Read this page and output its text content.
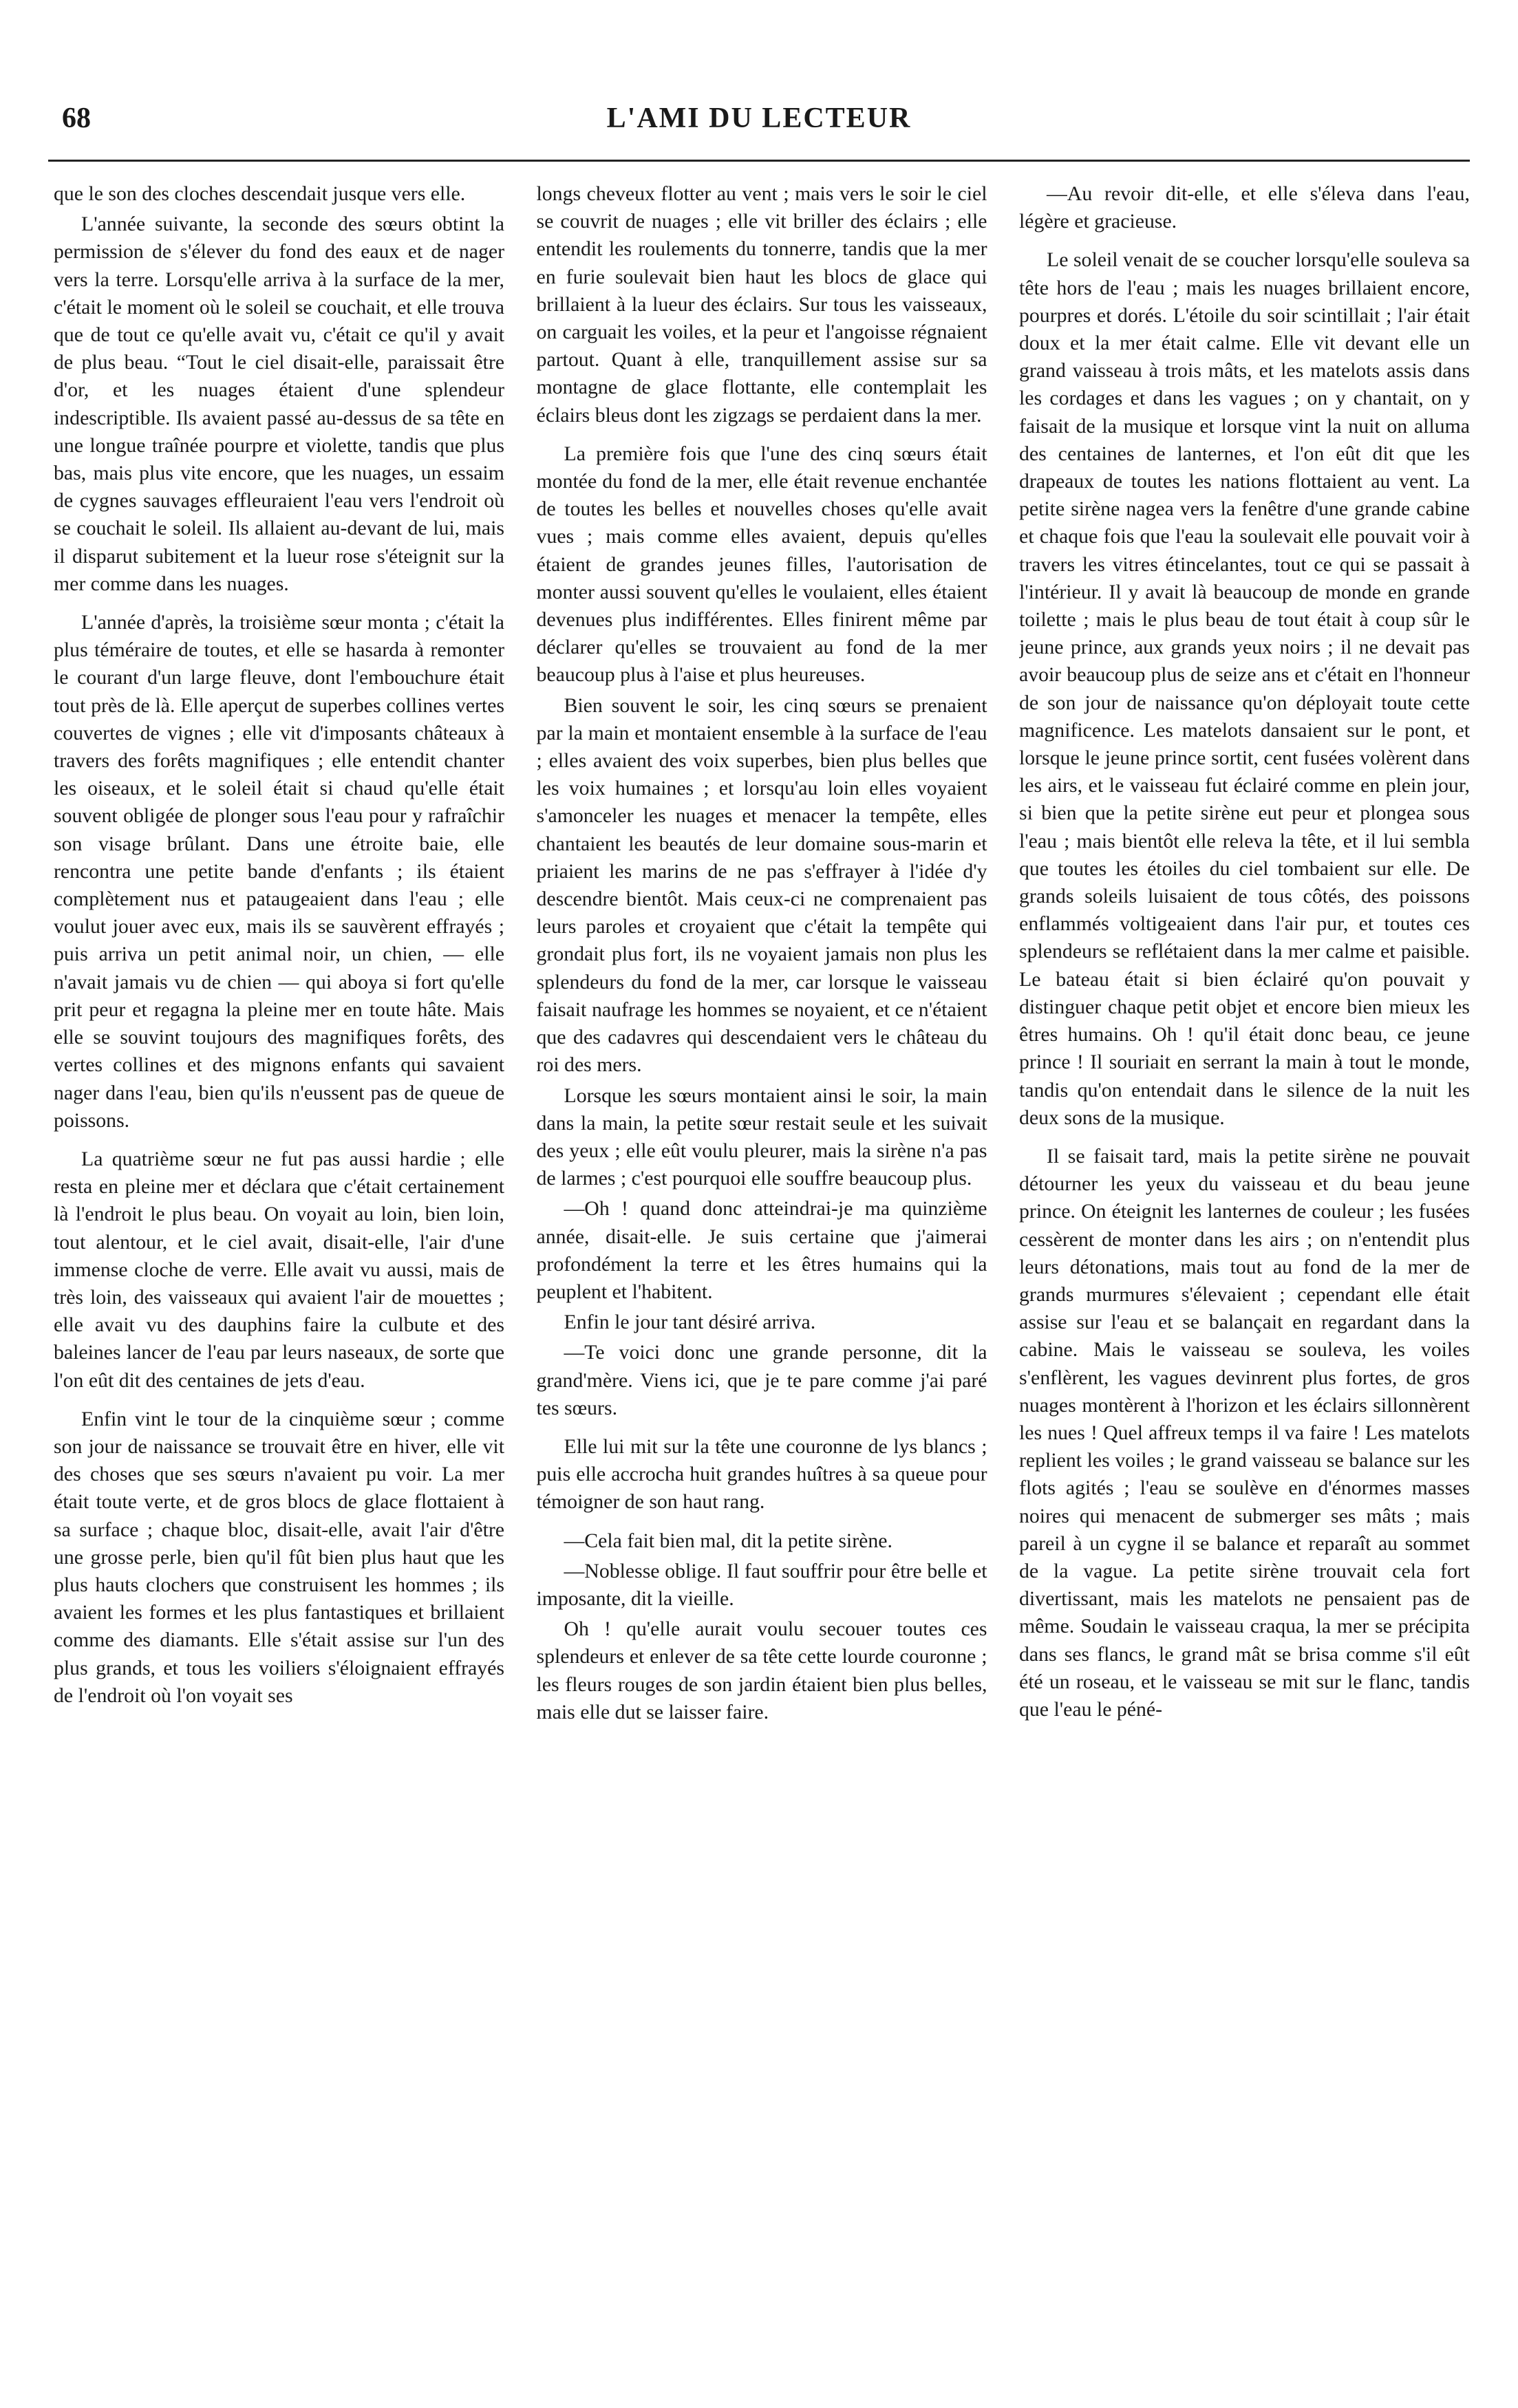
68	L'AMI DU LECTEUR

que le son des cloches descendait jusque vers elle.

L'année suivante, la seconde des sœurs obtint la permission de s'élever du fond des eaux et de nager vers la terre. Lorsqu'elle arriva à la surface de la mer, c'était le moment où le soleil se couchait, et elle trouva que de tout ce qu'elle avait vu, c'était ce qu'il y avait de plus beau. “Tout le ciel disait-elle, paraissait être d'or, et les nuages étaient d'une splendeur indescriptible. Ils avaient passé au-dessus de sa tête en une longue traînée pourpre et violette, tandis que plus bas, mais plus vite encore, que les nuages, un essaim de cygnes sauvages effleuraient l'eau vers l'endroit où se couchait le soleil. Ils allaient au-devant de lui, mais il disparut subitement et la lueur rose s'éteignit sur la mer comme dans les nuages.

L'année d'après, la troisième sœur monta ; c'était la plus téméraire de toutes, et elle se hasarda à remonter le courant d'un large fleuve, dont l'embouchure était tout près de là. Elle aperçut de superbes collines vertes couvertes de vignes ; elle vit d'imposants châteaux à travers des forêts magnifiques ; elle entendit chanter les oiseaux, et le soleil était si chaud qu'elle était souvent obligée de plonger sous l'eau pour y rafraîchir son visage brûlant. Dans une étroite baie, elle rencontra une petite bande d'enfants ; ils étaient complètement nus et pataugeaient dans l'eau ; elle voulut jouer avec eux, mais ils se sauvèrent effrayés ; puis arriva un petit animal noir, un chien, — elle n'avait jamais vu de chien — qui aboya si fort qu'elle prit peur et regagna la pleine mer en toute hâte. Mais elle se souvint toujours des magnifiques forêts, des vertes collines et des mignons enfants qui savaient nager dans l'eau, bien qu'ils n'eussent pas de queue de poissons.

La quatrième sœur ne fut pas aussi hardie ; elle resta en pleine mer et déclara que c'était certainement là l'endroit le plus beau. On voyait au loin, bien loin, tout alentour, et le ciel avait, disait-elle, l'air d'une immense cloche de verre. Elle avait vu aussi, mais de très loin, des vaisseaux qui avaient l'air de mouettes ; elle avait vu des dauphins faire la culbute et des baleines lancer de l'eau par leurs naseaux, de sorte que l'on eût dit des centaines de jets d'eau.

Enfin vint le tour de la cinquième sœur ; comme son jour de naissance se trouvait être en hiver, elle vit des choses que ses sœurs n'avaient pu voir. La mer était toute verte, et de gros blocs de glace flottaient à sa surface ; chaque bloc, disait-elle, avait l'air d'être une grosse perle, bien qu'il fût bien plus haut que les plus hauts clochers que construisent les hommes ; ils avaient les formes et les plus fantastiques et brillaient comme des diamants. Elle s'était assise sur l'un des plus grands, et tous les voiliers s'éloignaient effrayés de l'endroit où l'on voyait ses

longs cheveux flotter au vent ; mais vers le soir le ciel se couvrit de nuages ; elle vit briller des éclairs ; elle entendit les roulements du tonnerre, tandis que la mer en furie soulevait bien haut les blocs de glace qui brillaient à la lueur des éclairs. Sur tous les vaisseaux, on carguait les voiles, et la peur et l'angoisse régnaient partout. Quant à elle, tranquillement assise sur sa montagne de glace flottante, elle contemplait les éclairs bleus dont les zigzags se perdaient dans la mer.

La première fois que l'une des cinq sœurs était montée du fond de la mer, elle était revenue enchantée de toutes les belles et nouvelles choses qu'elle avait vues ; mais comme elles avaient, depuis qu'elles étaient de grandes jeunes filles, l'autorisation de monter aussi souvent qu'elles le voulaient, elles étaient devenues plus indifférentes. Elles finirent même par déclarer qu'elles se trouvaient au fond de la mer beaucoup plus à l'aise et plus heureuses.

Bien souvent le soir, les cinq sœurs se prenaient par la main et montaient ensemble à la surface de l'eau ; elles avaient des voix superbes, bien plus belles que les voix humaines ; et lorsqu'au loin elles voyaient s'amonceler les nuages et menacer la tempête, elles chantaient les beautés de leur domaine sous-marin et priaient les marins de ne pas s'effrayer à l'idée d'y descendre bientôt. Mais ceux-ci ne comprenaient pas leurs paroles et croyaient que c'était la tempête qui grondait plus fort, ils ne voyaient jamais non plus les splendeurs du fond de la mer, car lorsque le vaisseau faisait naufrage les hommes se noyaient, et ce n'étaient que des cadavres qui descendaient vers le château du roi des mers.

Lorsque les sœurs montaient ainsi le soir, la main dans la main, la petite sœur restait seule et les suivait des yeux ; elle eût voulu pleurer, mais la sirène n'a pas de larmes ; c'est pourquoi elle souffre beaucoup plus.

—Oh ! quand donc atteindrai-je ma quinzième année, disait-elle. Je suis certaine que j'aimerai profondément la terre et les êtres humains qui la peuplent et l'habitent.

Enfin le jour tant désiré arriva.

—Te voici donc une grande personne, dit la grand'mère. Viens ici, que je te pare comme j'ai paré tes sœurs.

Elle lui mit sur la tête une couronne de lys blancs ; puis elle accrocha huit grandes huîtres à sa queue pour témoigner de son haut rang.

—Cela fait bien mal, dit la petite sirène.

—Noblesse oblige. Il faut souffrir pour être belle et imposante, dit la vieille.

Oh ! qu'elle aurait voulu secouer toutes ces splendeurs et enlever de sa tête cette lourde couronne ; les fleurs rouges de son jardin étaient bien plus belles, mais elle dut se laisser faire.

—Au revoir dit-elle, et elle s'éleva dans l'eau, légère et gracieuse.

Le soleil venait de se coucher lorsqu'elle souleva sa tête hors de l'eau ; mais les nuages brillaient encore, pourpres et dorés. L'étoile du soir scintillait ; l'air était doux et la mer était calme. Elle vit devant elle un grand vaisseau à trois mâts, et les matelots assis dans les cordages et dans les vagues ; on y chantait, on y faisait de la musique et lorsque vint la nuit on alluma des centaines de lanternes, et l'on eût dit que les drapeaux de toutes les nations flottaient au vent. La petite sirène nagea vers la fenêtre d'une grande cabine et chaque fois que l'eau la soulevait elle pouvait voir à travers les vitres étincelantes, tout ce qui se passait à l'intérieur. Il y avait là beaucoup de monde en grande toilette ; mais le plus beau de tout était à coup sûr le jeune prince, aux grands yeux noirs ; il ne devait pas avoir beaucoup plus de seize ans et c'était en l'honneur de son jour de naissance qu'on déployait toute cette magnificence. Les matelots dansaient sur le pont, et lorsque le jeune prince sortit, cent fusées volèrent dans les airs, et le vaisseau fut éclairé comme en plein jour, si bien que la petite sirène eut peur et plongea sous l'eau ; mais bientôt elle releva la tête, et il lui sembla que toutes les étoiles du ciel tombaient sur elle. De grands soleils luisaient de tous côtés, des poissons enflammés voltigeaient dans l'air pur, et toutes ces splendeurs se reflétaient dans la mer calme et paisible. Le bateau était si bien éclairé qu'on pouvait y distinguer chaque petit objet et encore bien mieux les êtres humains. Oh ! qu'il était donc beau, ce jeune prince ! Il souriait en serrant la main à tout le monde, tandis qu'on entendait dans le silence de la nuit les deux sons de la musique.

Il se faisait tard, mais la petite sirène ne pouvait détourner les yeux du vaisseau et du beau jeune prince. On éteignit les lanternes de couleur ; les fusées cessèrent de monter dans les airs ; on n'entendit plus leurs détonations, mais tout au fond de la mer de grands murmures s'élevaient ; cependant elle était assise sur l'eau et se balançait en regardant dans la cabine. Mais le vaisseau se souleva, les voiles s'enflèrent, les vagues devinrent plus fortes, de gros nuages montèrent à l'horizon et les éclairs sillonnèrent les nues ! Quel affreux temps il va faire ! Les matelots replient les voiles ; le grand vaisseau se balance sur les flots agités ; l'eau se soulève en d'énormes masses noires qui menacent de submerger ses mâts ; mais pareil à un cygne il se balance et reparaît au sommet de la vague. La petite sirène trouvait cela fort divertissant, mais les matelots ne pensaient pas de même. Soudain le vaisseau craqua, la mer se précipita dans ses flancs, le grand mât se brisa comme s'il eût été un roseau, et le vaisseau se mit sur le flanc, tandis que l'eau le péné-
